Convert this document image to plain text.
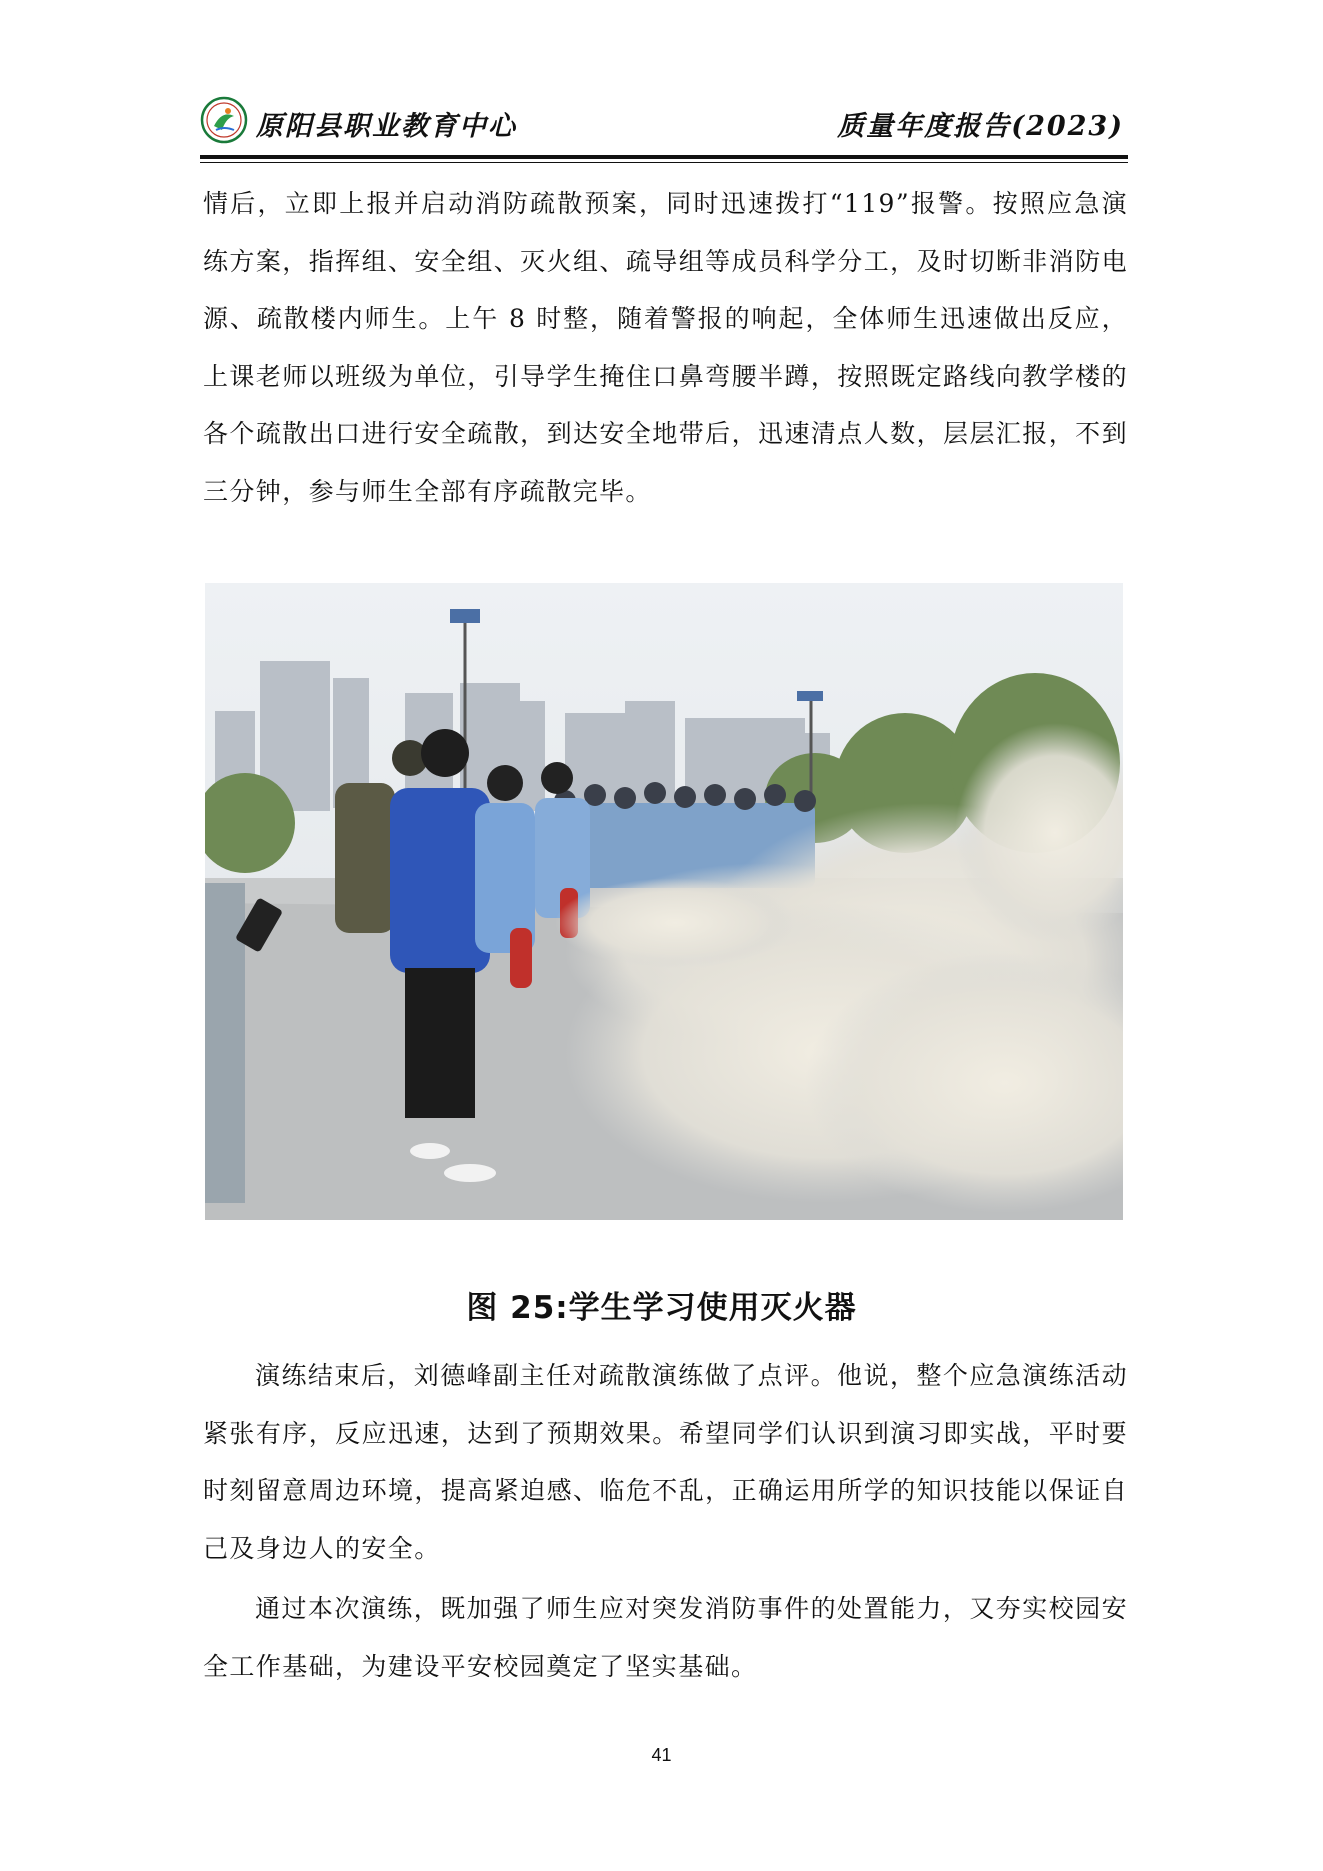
原阳县职业教育中心	质量年度报告(2023)

情后，立即上报并启动消防疏散预案，同时迅速拨打“119”报警。按照应急演练方案，指挥组、安全组、灭火组、疏导组等成员科学分工，及时切断非消防电源、疏散楼内师生。上午 8 时整，随着警报的响起，全体师生迅速做出反应，上课老师以班级为单位，引导学生掩住口鼻弯腰半蹲，按照既定路线向教学楼的各个疏散出口进行安全疏散，到达安全地带后，迅速清点人数，层层汇报，不到三分钟，参与师生全部有序疏散完毕。

图 25:学生学习使用灭火器

演练结束后，刘德峰副主任对疏散演练做了点评。他说，整个应急演练活动紧张有序，反应迅速，达到了预期效果。希望同学们认识到演习即实战，平时要时刻留意周边环境，提高紧迫感、临危不乱，正确运用所学的知识技能以保证自己及身边人的安全。

通过本次演练，既加强了师生应对突发消防事件的处置能力，又夯实校园安全工作基础，为建设平安校园奠定了坚实基础。

41
